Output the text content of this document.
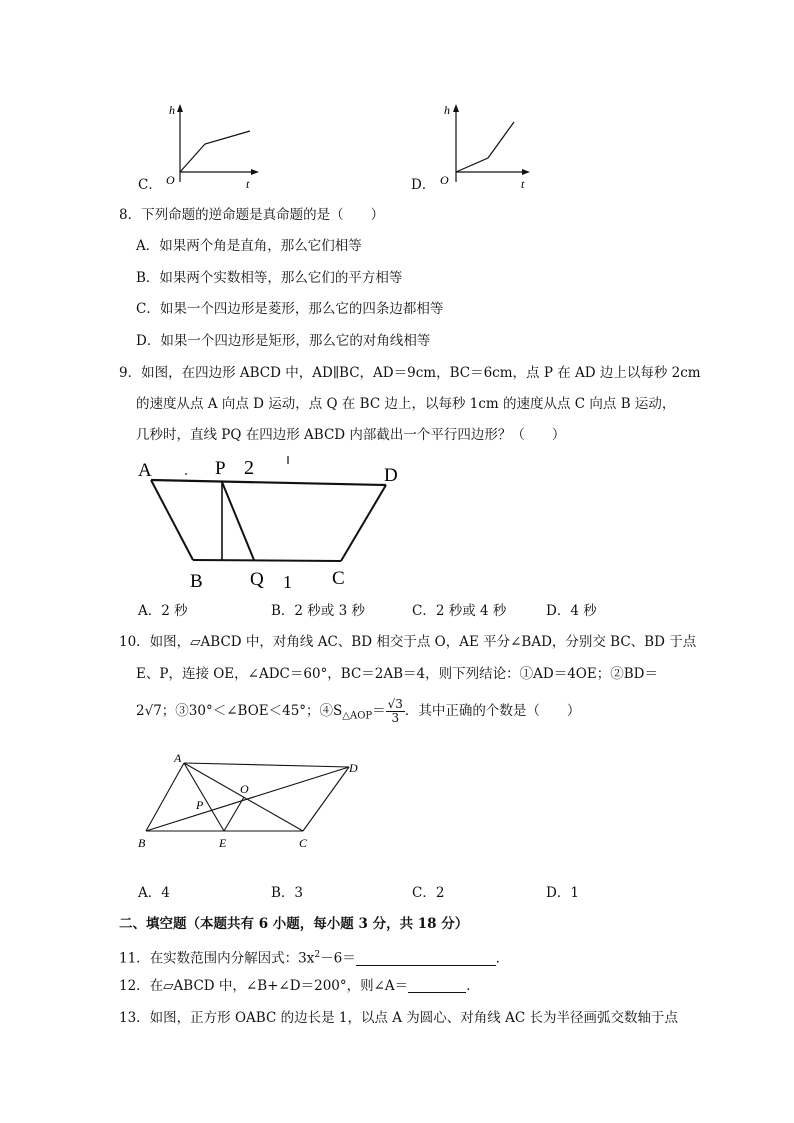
C．
h
t
O	D．
h
t
O
8．下列命题的逆命题是真命题的是（　　）
A．如果两个角是直角，那么它们相等
B．如果两个实数相等，那么它们的平方相等
C．如果一个四边形是菱形，那么它的四条边都相等
D．如果一个四边形是矩形，那么它的对角线相等
9．如图，在四边形 ABCD 中，AD∥BC，AD＝9cm，BC＝6cm，点 P 在 AD 边上以每秒 2cm
的速度从点 A 向点 D 运动，点 Q 在 BC 边上，以每秒 1cm 的速度从点 C 向点 B 运动，
几秒时，直线 PQ 在四边形 ABCD 内部截出一个平行四边形？（　　）
A	P	D
B Q	C
2
1
A．2 秒	B．2 秒或 3 秒	C．2 秒或 4 秒	D．4 秒
10．如图，▱ABCD 中，对角线 AC、BD 相交于点 O，AE 平分∠BAD，分别交 BC、BD 于点
E、P，连接 OE，∠ADC＝60°，BC＝2AB＝4，则下列结论：①AD＝4OE；②BD＝
2√7；③30°＜∠BOE＜45°；$④S_{\triangle AOP}= \frac{√3}{3}$ ．其中正确的个数是（　　）
A
D
O
P
B	E	C
A．4	B．3	C．2	D．1
二、填空题（本题共有 6 小题，每小题 3 分，共 18 分）
11．在实数范围内分解因式：$3x^2-6=$	．
12．在▱ABCD 中，∠B+∠D＝200°，则∠A＝	．
13．如图，正方形 OABC 的边长是 1，以点 A 为圆心、对角线 AC 长为半径画弧交数轴于点
